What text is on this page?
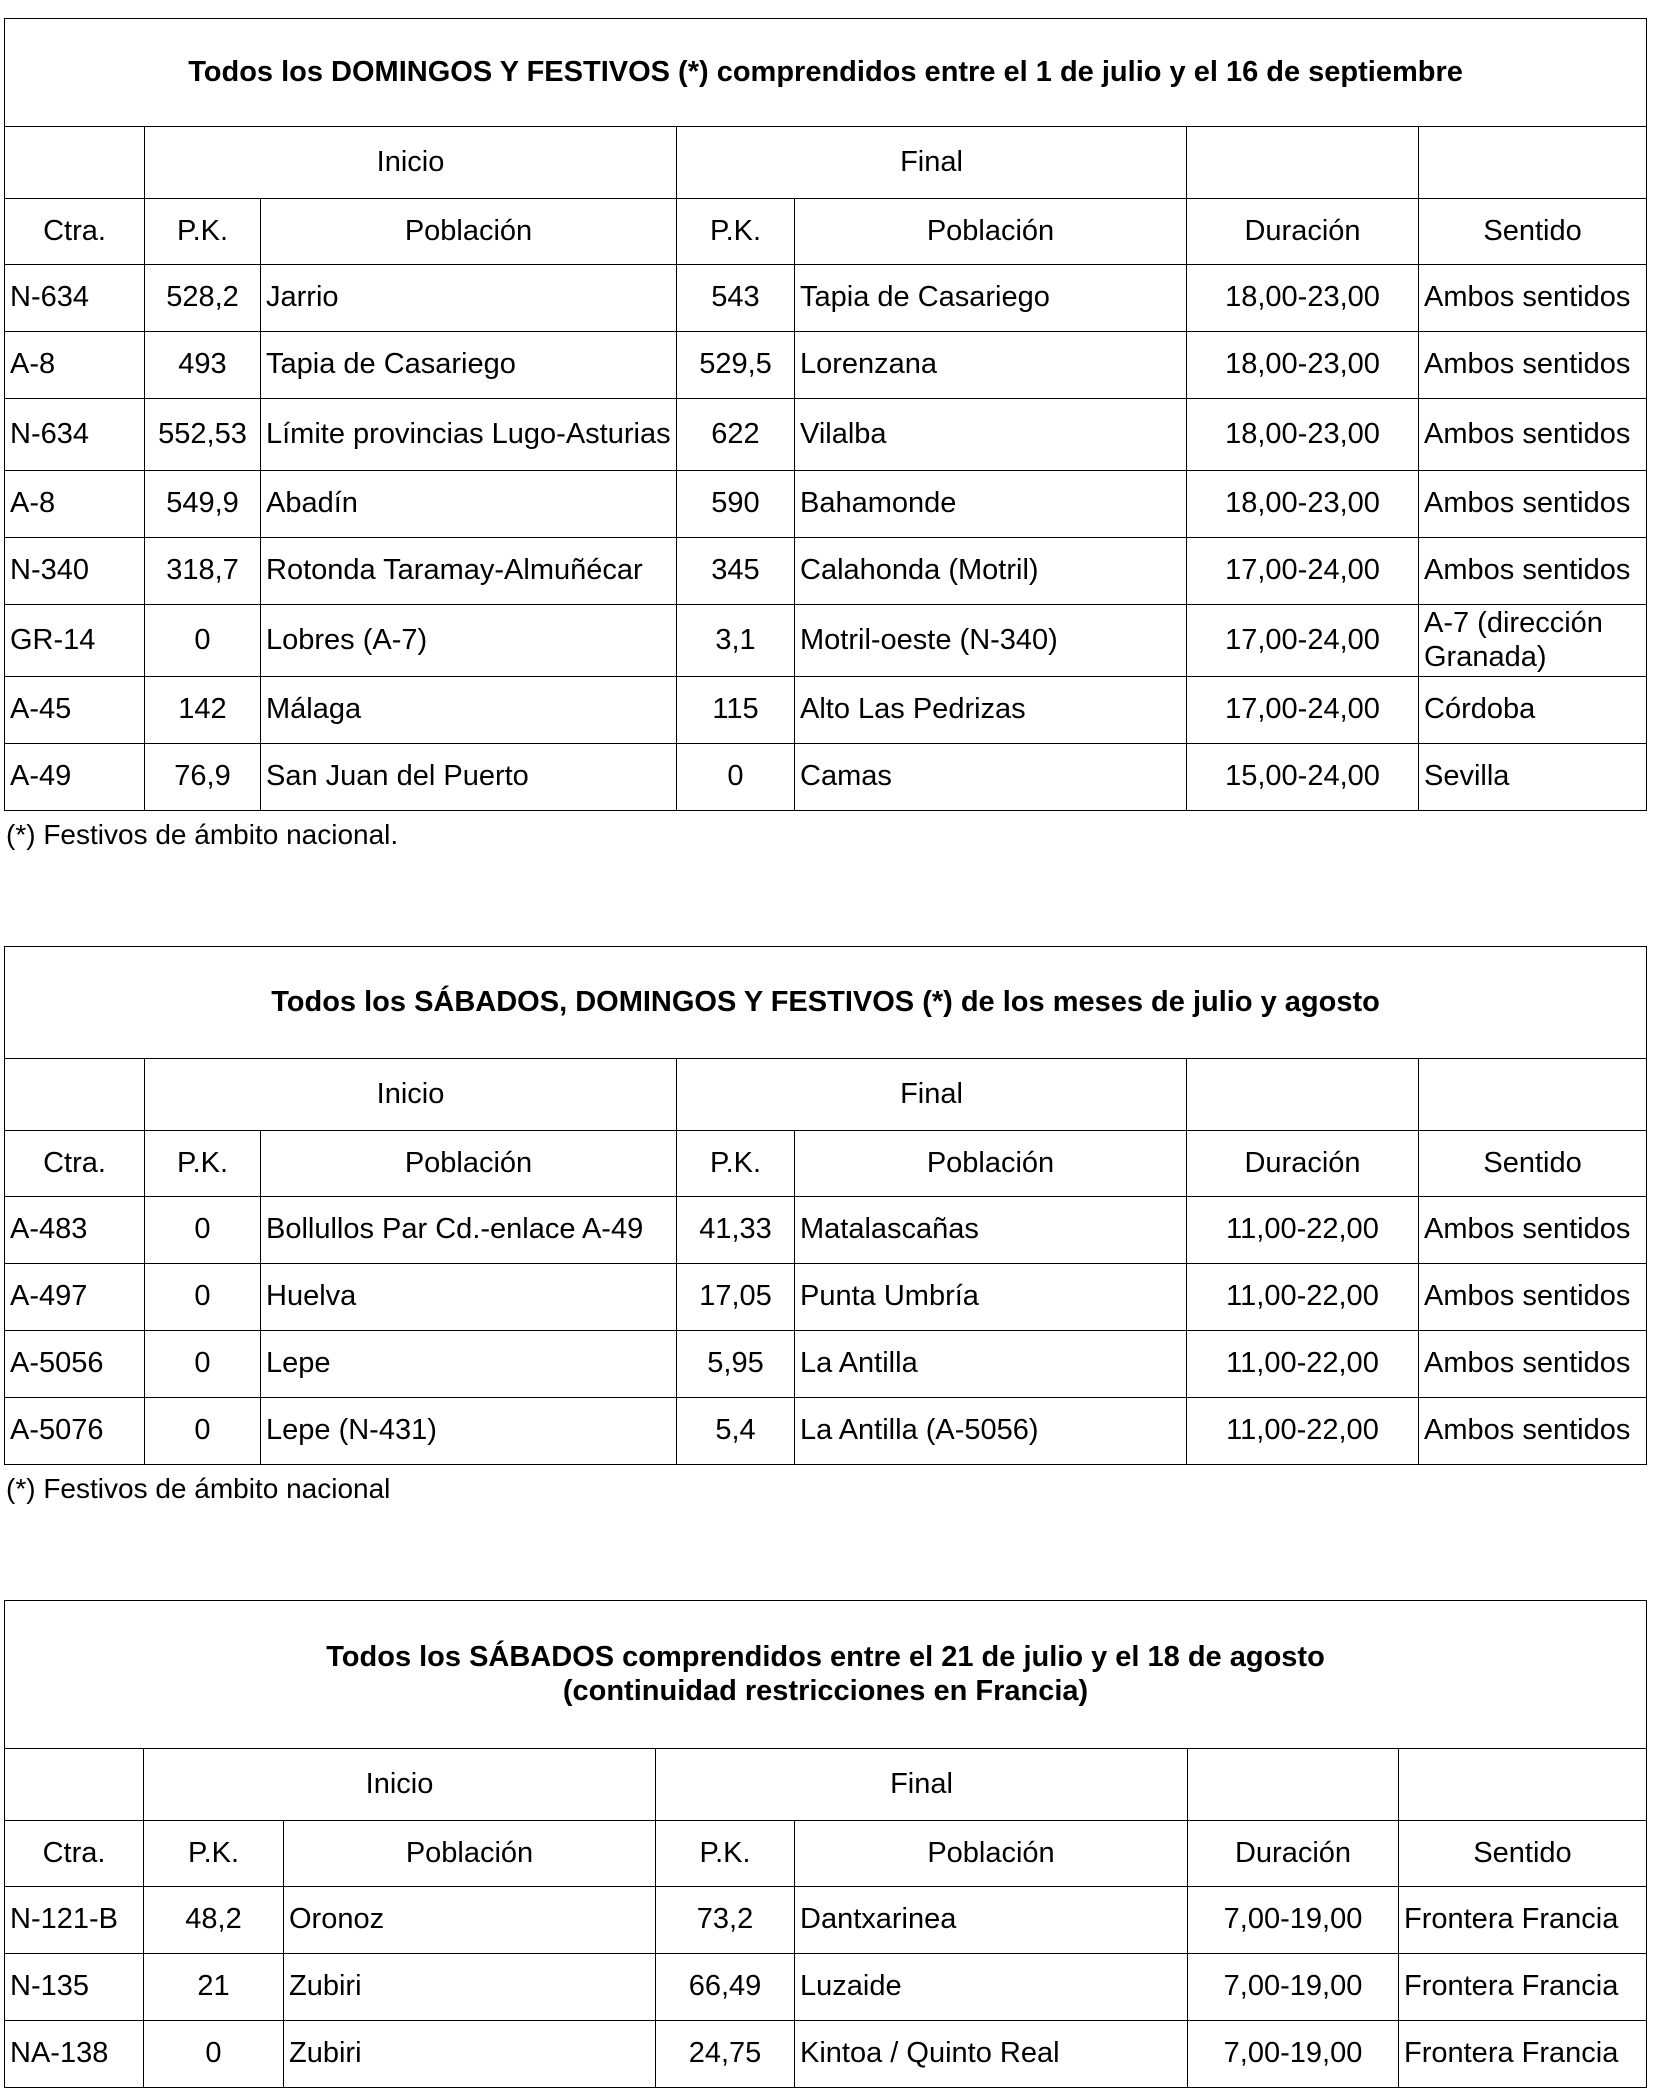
Todos los DOMINGOS Y FESTIVOS (*) comprendidos entre el 1 de julio y el 16 de septiembre						
	Inicio		Final			
Ctra.	P.K.	Población	P.K.	Población	Duración	Sentido
N-634	528,2	Jarrio	543	Tapia de Casariego	18,00-23,00	Ambos sentidos
A-8	493	Tapia de Casariego	529,5	Lorenzana	18,00-23,00	Ambos sentidos
N-634	552,53	Límite provincias Lugo-Asturias	622	Vilalba	18,00-23,00	Ambos sentidos
A-8	549,9	Abadín	590	Bahamonde	18,00-23,00	Ambos sentidos
N-340	318,7	Rotonda Taramay-Almuñécar	345	Calahonda (Motril)	17,00-24,00	Ambos sentidos
GR-14	0	Lobres (A-7)	3,1	Motril-oeste (N-340)	17,00-24,00	A-7 (dirección Granada)
A-45	142	Málaga	115	Alto Las Pedrizas	17,00-24,00	Córdoba
A-49	76,9	San Juan del Puerto	0	Camas	15,00-24,00	Sevilla
(*) Festivos de ámbito nacional.
Todos los SÁBADOS, DOMINGOS Y FESTIVOS (*) de los meses de julio y agosto						
	Inicio		Final			
Ctra.	P.K.	Población	P.K.	Población	Duración	Sentido
A-483	0	Bollullos Par Cd.-enlace A-49	41,33	Matalascañas	11,00-22,00	Ambos sentidos
A-497	0	Huelva	17,05	Punta Umbría	11,00-22,00	Ambos sentidos
A-5056	0	Lepe	5,95	La Antilla	11,00-22,00	Ambos sentidos
A-5076	0	Lepe (N-431)	5,4	La Antilla (A-5056)	11,00-22,00	Ambos sentidos
(*) Festivos de ámbito nacional
Todos los SÁBADOS comprendidos entre el 21 de julio y el 18 de agosto
(continuidad restricciones en Francia)						

	Inicio		Final			
Ctra.	P.K.	Población	P.K.	Población	Duración	Sentido
N-121-B	48,2	Oronoz	73,2	Dantxarinea	7,00-19,00	Frontera Francia
N-135	21	Zubiri	66,49	Luzaide	7,00-19,00	Frontera Francia
NA-138	0	Zubiri	24,75	Kintoa / Quinto Real	7,00-19,00	Frontera Francia
